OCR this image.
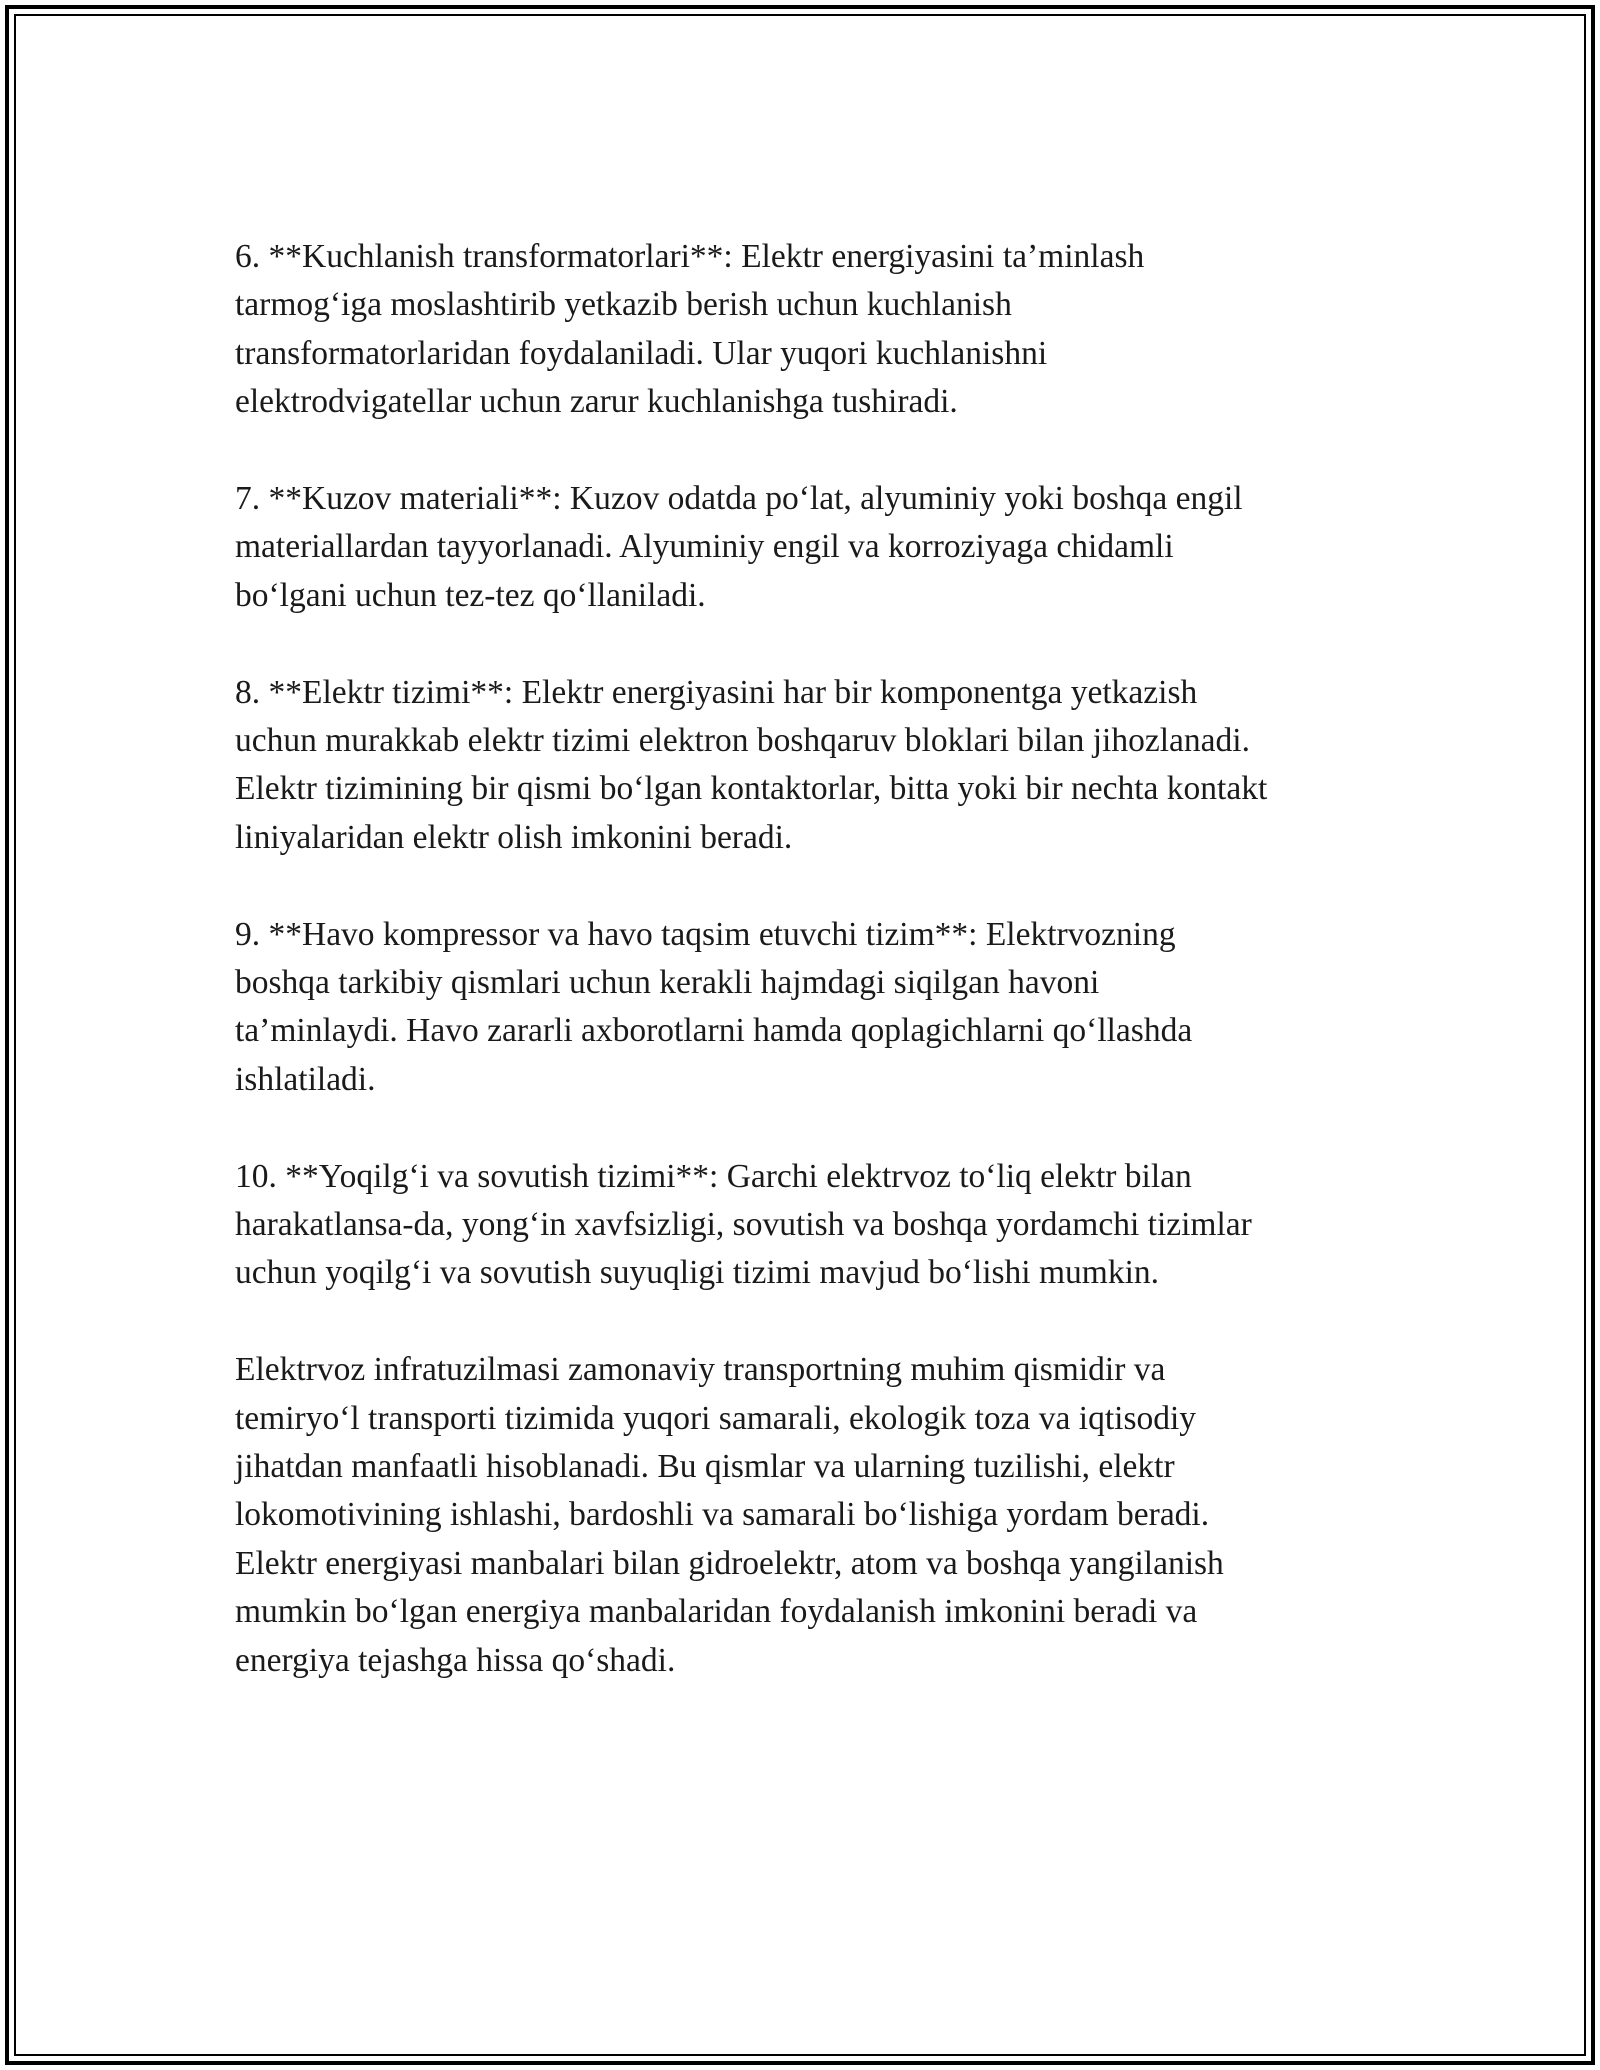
6. **Kuchlanish transformatorlari**: Elektr energiyasini ta’minlash
tarmog‘iga moslashtirib yetkazib berish uchun kuchlanish
transformatorlaridan foydalaniladi. Ular yuqori kuchlanishni
elektrodvigatellar uchun zarur kuchlanishga tushiradi.

7. **Kuzov materiali**: Kuzov odatda po‘lat, alyuminiy yoki boshqa engil
materiallardan tayyorlanadi. Alyuminiy engil va korroziyaga chidamli
bo‘lgani uchun tez-tez qo‘llaniladi.

8. **Elektr tizimi**: Elektr energiyasini har bir komponentga yetkazish
uchun murakkab elektr tizimi elektron boshqaruv bloklari bilan jihozlanadi.
Elektr tizimining bir qismi bo‘lgan kontaktorlar, bitta yoki bir nechta kontakt
liniyalaridan elektr olish imkonini beradi.

9. **Havo kompressor va havo taqsim etuvchi tizim**: Elektrvozning
boshqa tarkibiy qismlari uchun kerakli hajmdagi siqilgan havoni
ta’minlaydi. Havo zararli axborotlarni hamda qoplagichlarni qo‘llashda
ishlatiladi.

10. **Yoqilg‘i va sovutish tizimi**: Garchi elektrvoz to‘liq elektr bilan
harakatlansa-da, yong‘in xavfsizligi, sovutish va boshqa yordamchi tizimlar
uchun yoqilg‘i va sovutish suyuqligi tizimi mavjud bo‘lishi mumkin.

Elektrvoz infratuzilmasi zamonaviy transportning muhim qismidir va
temiryo‘l transporti tizimida yuqori samarali, ekologik toza va iqtisodiy
jihatdan manfaatli hisoblanadi. Bu qismlar va ularning tuzilishi, elektr
lokomotivining ishlashi, bardoshli va samarali bo‘lishiga yordam beradi.
Elektr energiyasi manbalari bilan gidroelektr, atom va boshqa yangilanish
mumkin bo‘lgan energiya manbalaridan foydalanish imkonini beradi va
energiya tejashga hissa qo‘shadi.
